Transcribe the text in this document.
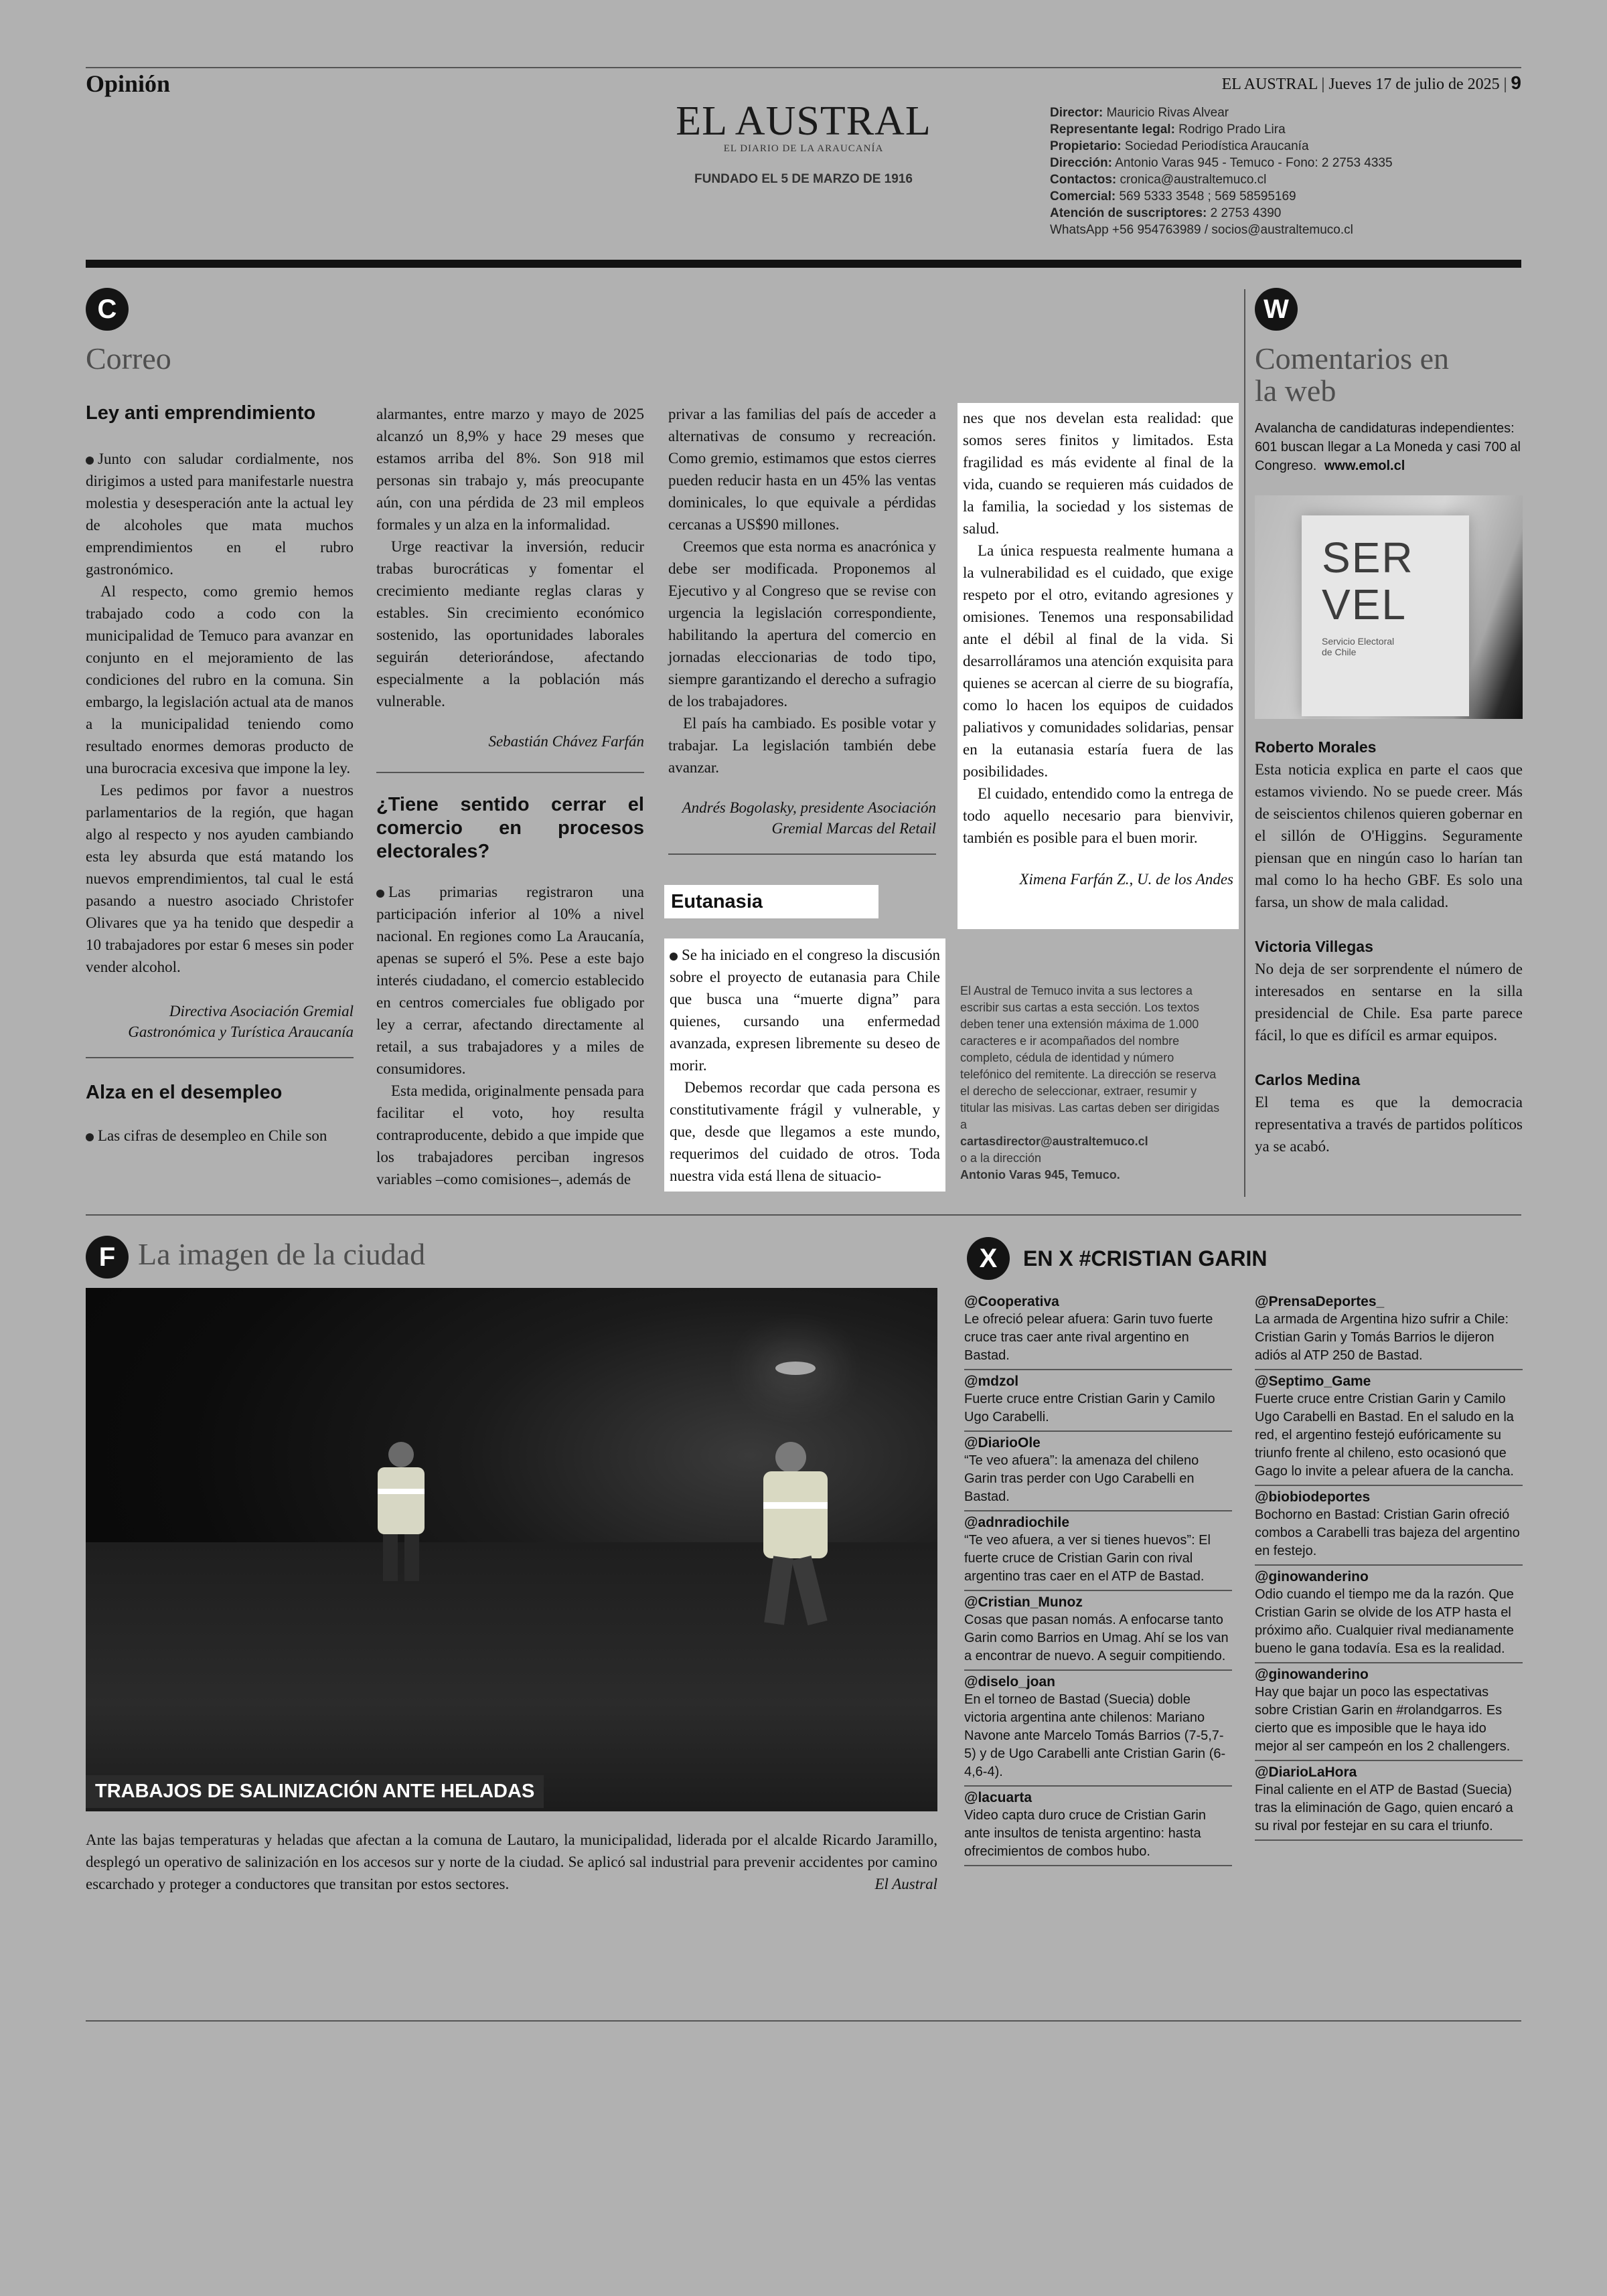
Opinión	EL AUSTRAL | Jueves 17 de julio de 2025 | 9
EL AUSTRAL
EL DIARIO DE LA ARAUCANÍA
FUNDADO EL 5 DE MARZO DE 1916
Director: Mauricio Rivas Alvear
Representante legal: Rodrigo Prado Lira
Propietario: Sociedad Periodística Araucanía
Dirección: Antonio Varas 945 - Temuco - Fono: 2 2753 4335
Contactos: cronica@australtemuco.cl
Comercial: 569 5333 3548 ; 569 58595169
Atención de suscriptores: 2 2753 4390
WhatsApp +56 954763989 / socios@australtemuco.cl
C
Correo
Ley anti emprendimiento

Junto con saludar cordialmente, nos dirigimos a usted para manifestarle nuestra molestia y desesperación ante la actual ley de alcoholes que mata muchos emprendimientos en el rubro gastronómico.

Al respecto, como gremio hemos trabajado codo a codo con la municipalidad de Temuco para avanzar en conjunto en el mejoramiento de las condiciones del rubro en la comuna. Sin embargo, la legislación actual ata de manos a la municipalidad teniendo como resultado enormes demoras producto de una burocracia excesiva que impone la ley.

Les pedimos por favor a nuestros parlamentarios de la región, que hagan algo al respecto y nos ayuden cambiando esta ley absurda que está matando los nuevos emprendimientos, tal cual le está pasando a nuestro asociado Christofer Olivares que ya ha tenido que despedir a 10 trabajadores por estar 6 meses sin poder vender alcohol.

Directiva Asociación Gremial Gastronómica y Turística Araucanía
Alza en el desempleo

Las cifras de desempleo en Chile son

alarmantes, entre marzo y mayo de 2025 alcanzó un 8,9% y hace 29 meses que estamos arriba del 8%. Son 918 mil personas sin trabajo y, más preocupante aún, con una pérdida de 23 mil empleos formales y un alza en la informalidad.

Urge reactivar la inversión, reducir trabas burocráticas y fomentar el crecimiento mediante reglas claras y estables. Sin crecimiento económico sostenido, las oportunidades laborales seguirán deteriorándose, afectando especialmente a la población más vulnerable.

Sebastián Chávez Farfán
¿Tiene sentido cerrar el comercio en procesos electorales?

Las primarias registraron una participación inferior al 10% a nivel nacional. En regiones como La Araucanía, apenas se superó el 5%. Pese a este bajo interés ciudadano, el comercio establecido en centros comerciales fue obligado por ley a cerrar, afectando directamente al retail, a sus trabajadores y a miles de consumidores.

Esta medida, originalmente pensada para facilitar el voto, hoy resulta contraproducente, debido a que impide que los trabajadores perciban ingresos variables –como comisiones–, además de

privar a las familias del país de acceder a alternativas de consumo y recreación. Como gremio, estimamos que estos cierres pueden reducir hasta en un 45% las ventas dominicales, lo que equivale a pérdidas cercanas a US$90 millones.

Creemos que esta norma es anacrónica y debe ser modificada. Proponemos al Ejecutivo y al Congreso que se revise con urgencia la legislación correspondiente, habilitando la apertura del comercio en jornadas eleccionarias de todo tipo, siempre garantizando el derecho a sufragio de los trabajadores.

El país ha cambiado. Es posible votar y trabajar. La legislación también debe avanzar.

Andrés Bogolasky, presidente Asociación Gremial Marcas del Retail
Eutanasia

Se ha iniciado en el congreso la discusión sobre el proyecto de eutanasia para Chile que busca una “muerte digna” para quienes, cursando una enfermedad avanzada, expresen libremente su deseo de morir.

Debemos recordar que cada persona es constitutivamente frágil y vulnerable, y que, desde que llegamos a este mundo, requerimos del cuidado de otros. Toda nuestra vida está llena de situacio-

nes que nos develan esta realidad: que somos seres finitos y limitados. Esta fragilidad es más evidente al final de la vida, cuando se requieren más cuidados de la familia, la sociedad y los sistemas de salud.

La única respuesta realmente humana a la vulnerabilidad es el cuidado, que exige respeto por el otro, evitando agresiones y omisiones. Tenemos una responsabilidad ante el débil al final de la vida. Si desarrolláramos una atención exquisita para quienes se acercan al cierre de su biografía, como lo hacen los equipos de cuidados paliativos y comunidades solidarias, pensar en la eutanasia estaría fuera de las posibilidades.

El cuidado, entendido como la entrega de todo aquello necesario para bienvivir, también es posible para el buen morir.

Ximena Farfán Z., U. de los Andes
El Austral de Temuco invita a sus lectores a escribir sus cartas a esta sección. Los textos deben tener una extensión máxima de 1.000 caracteres e ir acompañados del nombre completo, cédula de identidad y número telefónico del remitente. La dirección se reserva el derecho de seleccionar, extraer, resumir y titular las misivas. Las cartas deben ser dirigidas a
cartasdirector@australtemuco.cl
o a la dirección
Antonio Varas 945, Temuco.
W
Comentarios en la web
Avalancha de candidaturas independientes: 601 buscan llegar a La Moneda y casi 700 al Congreso. www.emol.cl
SER
VEL
Servicio Electoral de Chile
Roberto Morales
Esta noticia explica en parte el caos que estamos viviendo. No se puede creer. Más de seiscientos chilenos quieren gobernar en el sillón de O'Higgins. Seguramente piensan que en ningún caso lo harían tan mal como lo ha hecho GBF. Es solo una farsa, un show de mala calidad.
Victoria Villegas
No deja de ser sorprendente el número de interesados en sentarse en la silla presidencial de Chile. Esa parte parece fácil, lo que es difícil es armar equipos.
Carlos Medina
El tema es que la democracia representativa a través de partidos políticos ya se acabó.
F La imagen de la ciudad
TRABAJOS DE SALINIZACIÓN ANTE HELADAS
Ante las bajas temperaturas y heladas que afectan a la comuna de Lautaro, la municipalidad, liderada por el alcalde Ricardo Jaramillo, desplegó un operativo de salinización en los accesos sur y norte de la ciudad. Se aplicó sal industrial para prevenir accidentes por camino escarchado y proteger a conductores que transitan por estos sectores.	El Austral
X	EN X #CRISTIAN GARIN
@Cooperativa
Le ofreció pelear afuera: Garin tuvo fuerte cruce tras caer ante rival argentino en Bastad.
@mdzol
Fuerte cruce entre Cristian Garin y Camilo Ugo Carabelli.
@DiarioOle
“Te veo afuera”: la amenaza del chileno Garin tras perder con Ugo Carabelli en Bastad.
@adnradiochile
“Te veo afuera, a ver si tienes huevos”: El fuerte cruce de Cristian Garin con rival argentino tras caer en el ATP de Bastad.
@Cristian_Munoz
Cosas que pasan nomás. A enfocarse tanto Garin como Barrios en Umag. Ahí se los van a encontrar de nuevo. A seguir compitiendo.
@diselo_joan
En el torneo de Bastad (Suecia) doble victoria argentina ante chilenos: Mariano Navone ante Marcelo Tomás Barrios (7-5,7-5) y de Ugo Carabelli ante Cristian Garin (6-4,6-4).
@lacuarta
Video capta duro cruce de Cristian Garin ante insultos de tenista argentino: hasta ofrecimientos de combos hubo.
@PrensaDeportes_
La armada de Argentina hizo sufrir a Chile: Cristian Garin y Tomás Barrios le dijeron adiós al ATP 250 de Bastad.
@Septimo_Game
Fuerte cruce entre Cristian Garin y Camilo Ugo Carabelli en Bastad. En el saludo en la red, el argentino festejó eufóricamente su triunfo frente al chileno, esto ocasionó que Gago lo invite a pelear afuera de la cancha.
@biobiodeportes
Bochorno en Bastad: Cristian Garin ofreció combos a Carabelli tras bajeza del argentino en festejo.
@ginowanderino
Odio cuando el tiempo me da la razón. Que Cristian Garin se olvide de los ATP hasta el próximo año. Cualquier rival medianamente bueno le gana todavía. Esa es la realidad.
@ginowanderino
Hay que bajar un poco las espectativas sobre Cristian Garin en #rolandgarros. Es cierto que es imposible que le haya ido mejor al ser campeón en los 2 challengers.
@DiarioLaHora
Final caliente en el ATP de Bastad (Suecia) tras la eliminación de Gago, quien encaró a su rival por festejar en su cara el triunfo.
